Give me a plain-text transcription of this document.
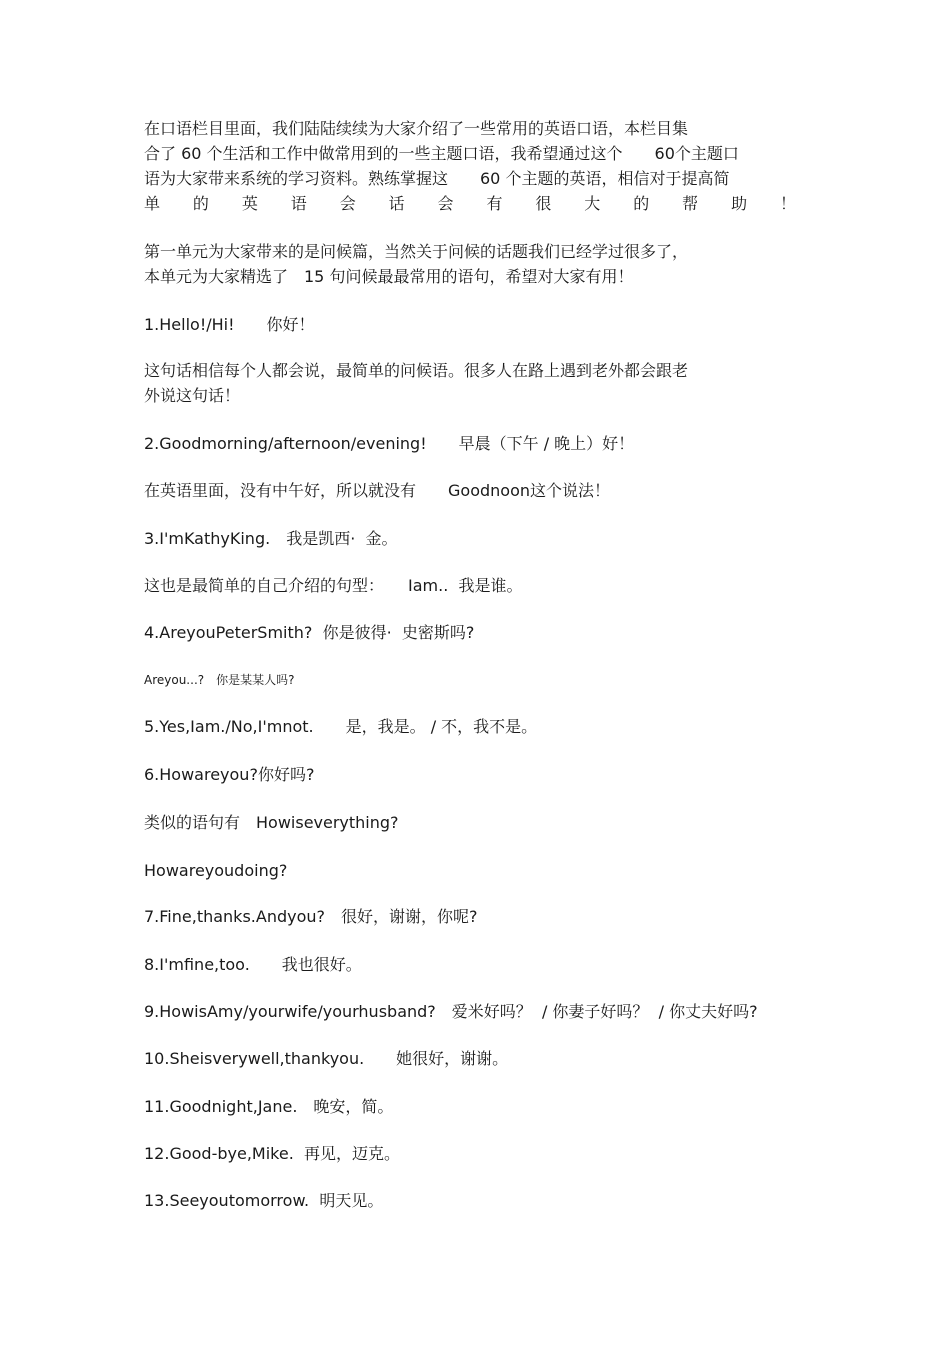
在口语栏目里面，我们陆陆续续为大家介绍了一些常用的英语口语，本栏目集
合了 60 个生活和工作中做常用到的一些主题口语，我希望通过这个　　60个主题口
语为大家带来系统的学习资料。熟练掌握这　　60 个主题的英语，相信对于提高简
单 的 英 语 会 话 会 有 很 大 的 帮 助 ！
第一单元为大家带来的是问候篇，当然关于问候的话题我们已经学过很多了，
本单元为大家精选了　15 句问候最最常用的语句，希望对大家有用！
1.Hello!/Hi!　　你好！
这句话相信每个人都会说，最简单的问候语。很多人在路上遇到老外都会跟老
外说这句话！
2.Goodmorning/afternoon/evening!　　早晨（下午 / 晚上）好！
在英语里面，没有中午好，所以就没有　　Goodnoon这个说法！
3.I'mKathyKing.　我是凯西·  金。
这也是最简单的自己介绍的句型：　　Iam..  我是谁。
4.AreyouPeterSmith?  你是彼得·  史密斯吗?
Areyou...?　你是某某人吗?
5.Yes,Iam./No,I'mnot.　　是，我是。 / 不，我不是。
6.Howareyou?你好吗?
类似的语句有　Howiseverything?
Howareyoudoing?
7.Fine,thanks.Andyou?　很好，谢谢，你呢?
8.I'mfine,too.　　我也很好。
9.HowisAmy/yourwife/yourhusband?　爱米好吗？  / 你妻子好吗？  / 你丈夫好吗?
10.Sheisverywell,thankyou.　　她很好，谢谢。
11.Goodnight,Jane.　晚安，简。
12.Good-bye,Mike.  再见，迈克。
13.Seeyoutomorrow.  明天见。
